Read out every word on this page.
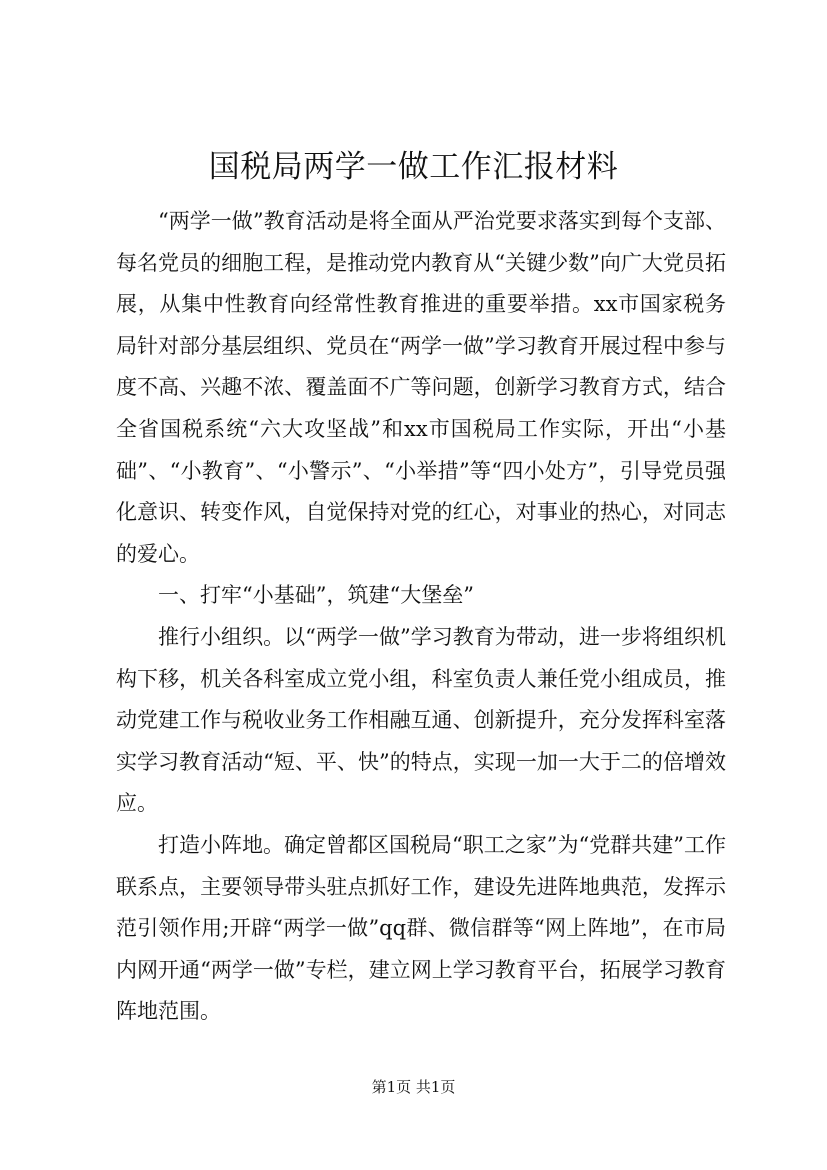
国税局两学一做工作汇报材料

“两学一做”教育活动是将全面从严治党要求落实到每个支部、每名党员的细胞工程，是推动党内教育从“关键少数”向广大党员拓展，从集中性教育向经常性教育推进的重要举措。xx市国家税务局针对部分基层组织、党员在“两学一做”学习教育开展过程中参与度不高、兴趣不浓、覆盖面不广等问题，创新学习教育方式，结合全省国税系统“六大攻坚战”和xx市国税局工作实际，开出“小基础”、“小教育”、“小警示”、“小举措”等“四小处方”，引导党员强化意识、转变作风，自觉保持对党的红心，对事业的热心，对同志的爱心。

一、打牢“小基础”，筑建“大堡垒”

推行小组织。以“两学一做”学习教育为带动，进一步将组织机构下移，机关各科室成立党小组，科室负责人兼任党小组成员，推动党建工作与税收业务工作相融互通、创新提升，充分发挥科室落实学习教育活动“短、平、快”的特点，实现一加一大于二的倍增效应。

打造小阵地。确定曾都区国税局“职工之家”为“党群共建”工作联系点，主要领导带头驻点抓好工作，建设先进阵地典范，发挥示范引领作用;开辟“两学一做”qq群、微信群等“网上阵地”，在市局内网开通“两学一做”专栏，建立网上学习教育平台，拓展学习教育阵地范围。

第1页 共1页
